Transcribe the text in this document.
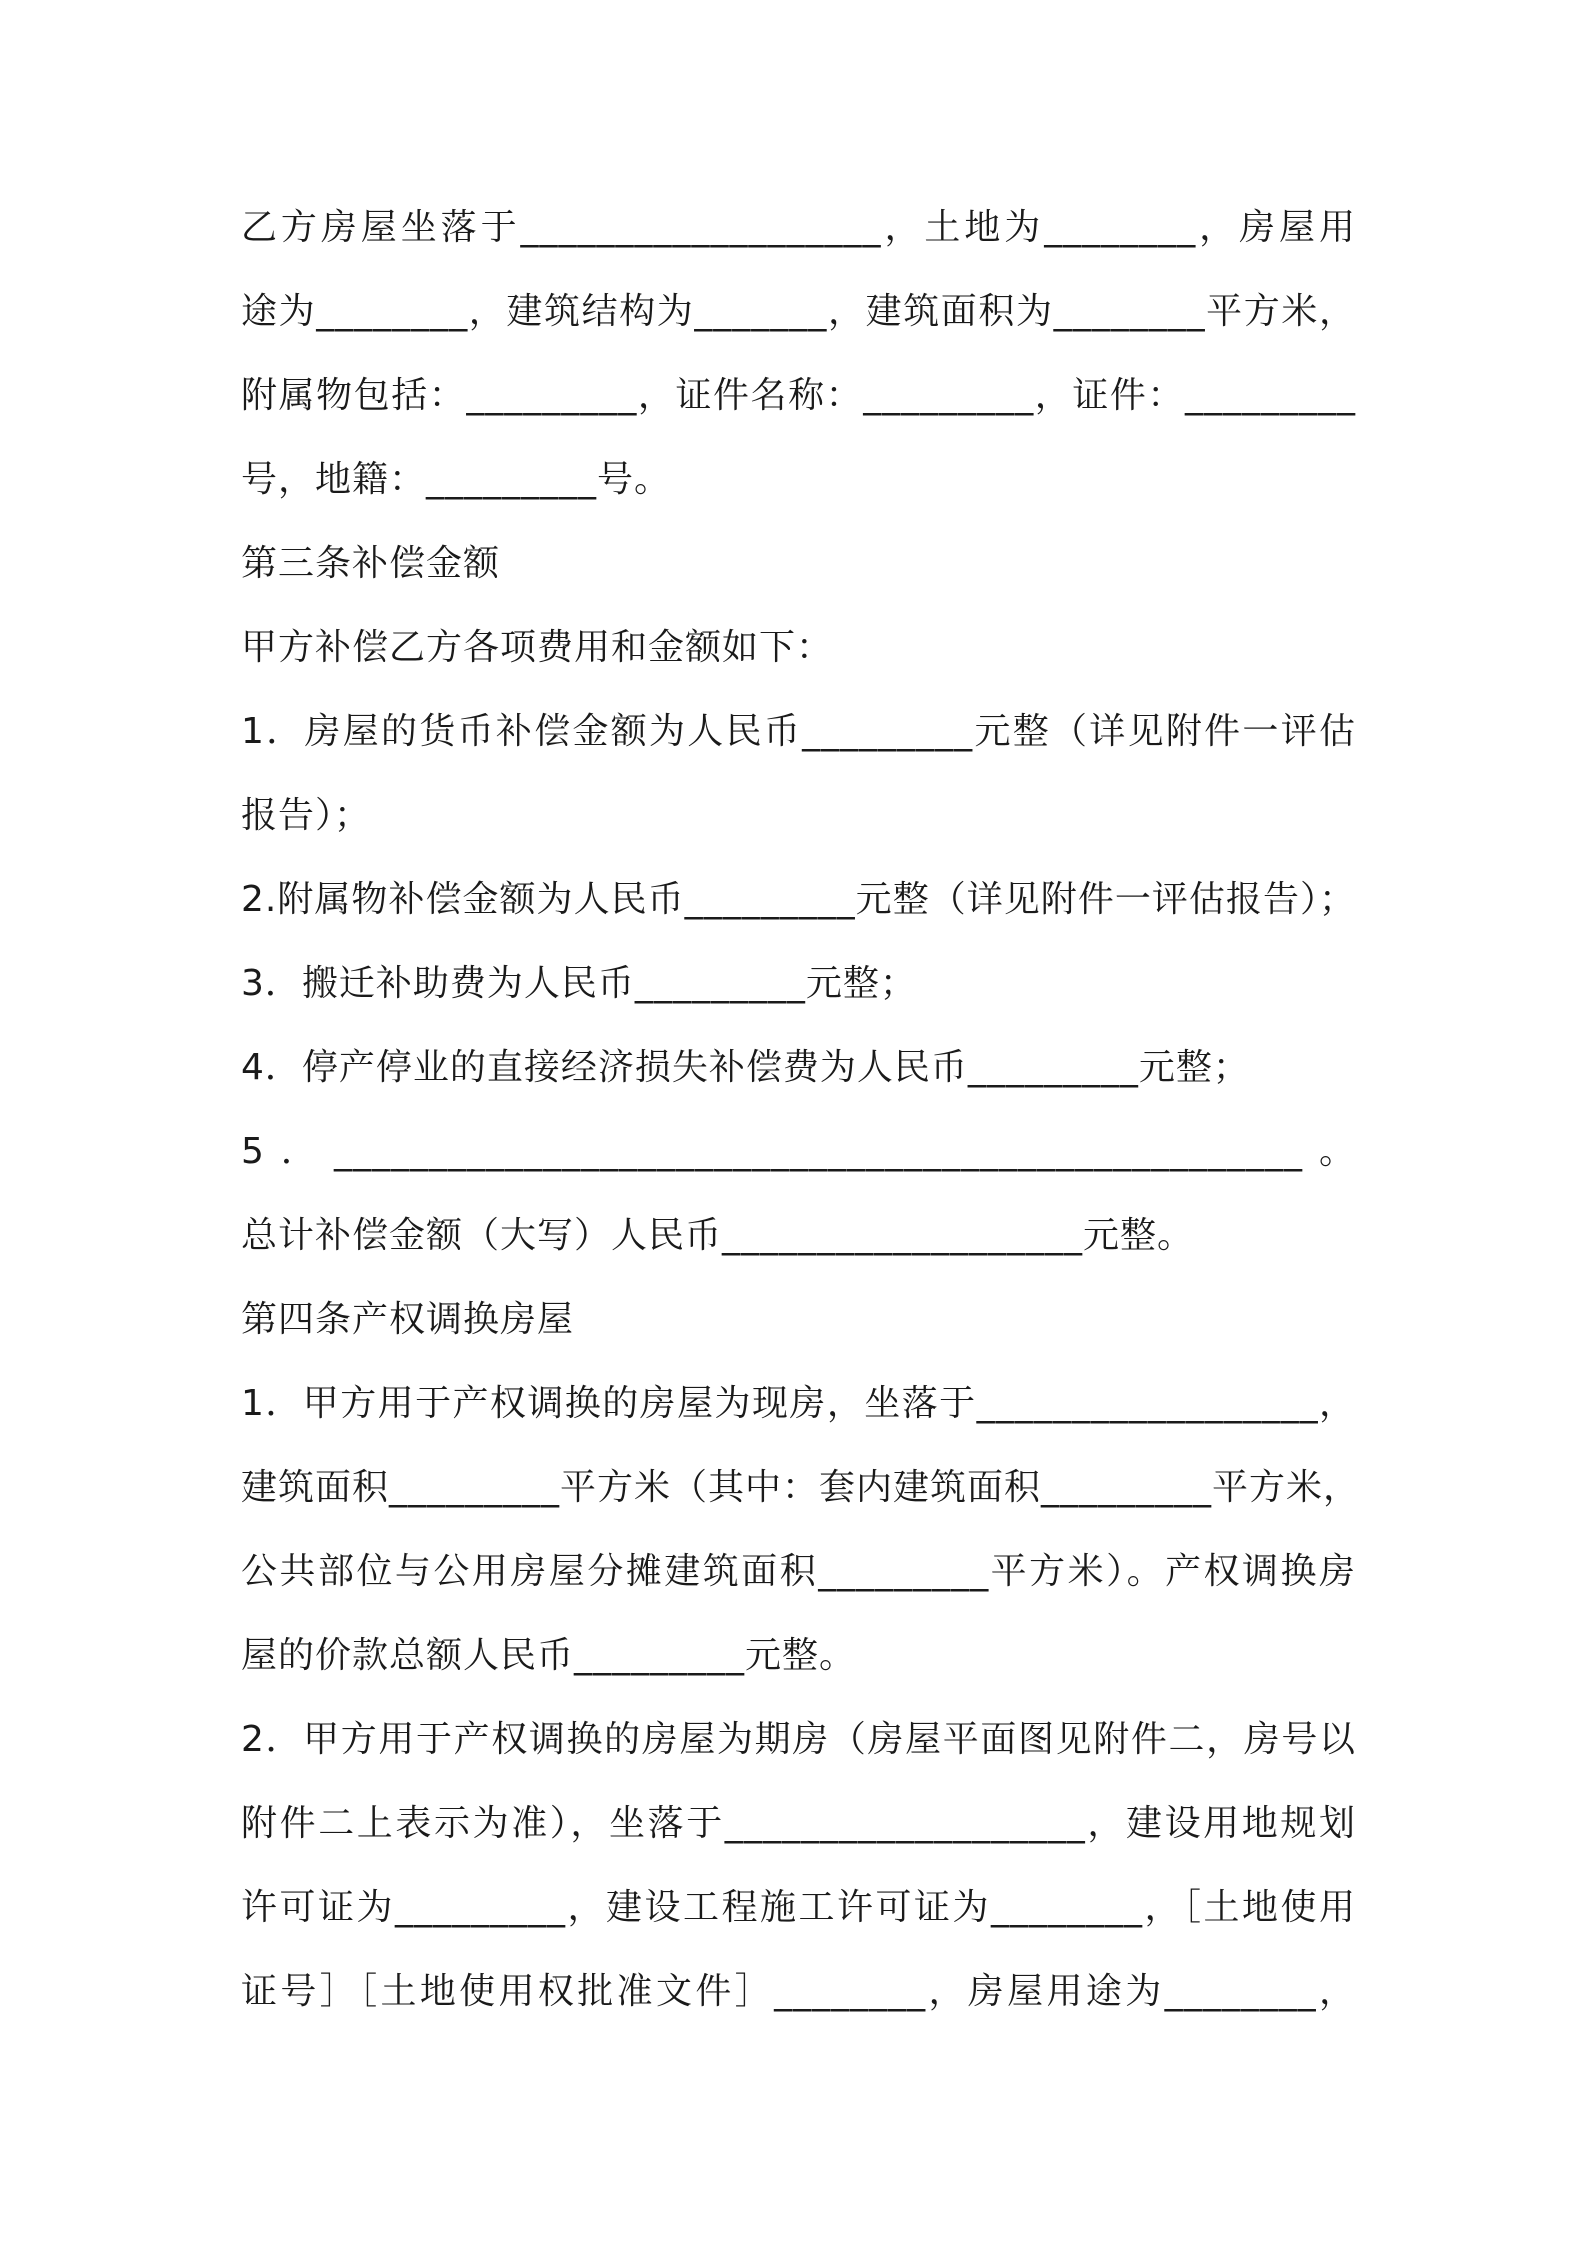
乙方房屋坐落于___________________，土地为________，房屋用
途为________，建筑结构为_______，建筑面积为________平方米，
附属物包括：_________，证件名称：_________，证件：_________
号，地籍：_________号。
第三条补偿金额
甲方补偿乙方各项费用和金额如下：
1．房屋的货币补偿金额为人民币_________元整（详见附件一评估
报告）；
2.附属物补偿金额为人民币_________元整（详见附件一评估报告）；
3．搬迁补助费为人民币_________元整；
4．停产停业的直接经济损失补偿费为人民币_________元整；
5．___________________________________________________。
总计补偿金额（大写）人民币___________________元整。
第四条产权调换房屋
1．甲方用于产权调换的房屋为现房，坐落于__________________，
建筑面积_________平方米（其中：套内建筑面积_________平方米，
公共部位与公用房屋分摊建筑面积_________平方米）。产权调换房
屋的价款总额人民币_________元整。
2．甲方用于产权调换的房屋为期房（房屋平面图见附件二，房号以
附件二上表示为准），坐落于___________________，建设用地规划
许可证为_________，建设工程施工许可证为________，［土地使用
证号］［土地使用权批准文件］________，房屋用途为________，
